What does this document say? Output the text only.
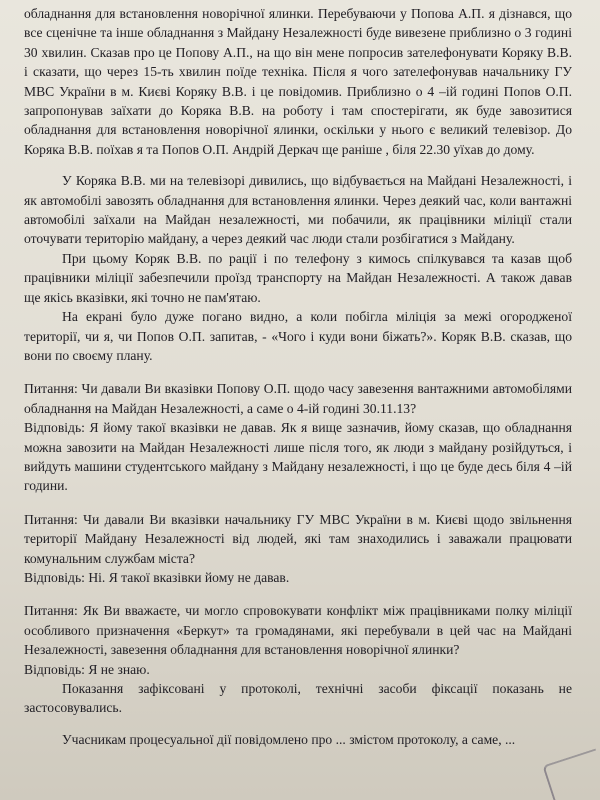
обладнання для встановлення новорічної ялинки. Перебуваючи у Попова А.П. я дізнався, що все сценічне та інше обладнання з Майдану Незалежності буде вивезене приблизно о 3 годині 30 хвилин. Сказав про це Попову А.П., на що він мене попросив зателефонувати Коряку В.В. і сказати, що через 15-ть хвилин поїде техніка. Після я чого зателефонував начальнику ГУ МВС України в м. Києві Коряку В.В. і це повідомив. Приблизно о 4 –ій годині Попов О.П. запропонував заїхати до Коряка В.В. на роботу і там спостерігати, як буде завозитися обладнання для встановлення новорічної ялинки, оскільки у нього є великий телевізор. До Коряка В.В. поїхав я та Попов О.П. Андрій Деркач ще раніше , біля 22.30 уїхав до дому.

У Коряка В.В. ми на телевізорі дивились, що відбувається на Майдані Незалежності, і як автомобілі завозять обладнання для встановлення ялинки. Через деякий час, коли вантажні автомобілі заїхали на Майдан незалежності, ми побачили, як працівники міліції стали оточувати територію майдану, а через деякий час люди стали розбігатися з Майдану.

При цьому Коряк В.В. по рації і по телефону з кимось спілкувався та казав щоб працівники міліції забезпечили проїзд транспорту на Майдан Незалежності. А також давав ще якісь вказівки, які точно не пам'ятаю.

На екрані було дуже погано видно, а коли побігла міліція за межі огородженої території, чи я, чи Попов О.П. запитав, - «Чого і куди вони біжать?». Коряк В.В. сказав, що вони по своєму плану.

Питання: Чи давали Ви вказівки Попову О.П. щодо часу завезення вантажними автомобілями обладнання на Майдан Незалежності, а саме о 4-ій годині 30.11.13?

Відповідь: Я йому такої вказівки не давав. Як я вище зазначив, йому сказав, що обладнання можна завозити на Майдан Незалежності лише після того, як люди з майдану розійдуться, і вийдуть машини студентського майдану з Майдану незалежності, і що це буде десь біля 4 –ій години.

Питання: Чи давали Ви вказівки начальнику ГУ МВС України в м. Києві щодо звільнення території Майдану Незалежності від людей, які там знаходились і заважали працювати комунальним службам міста?

Відповідь: Ні. Я такої вказівки йому не давав.

Питання: Як Ви вважаєте, чи могло спровокувати конфлікт між працівниками полку міліції особливого призначення «Беркут» та громадянами, які перебували в цей час на Майдані Незалежності, завезення обладнання для встановлення новорічної ялинки?

Відповідь: Я не знаю.

Показання зафіксовані у протоколі, технічні засоби фіксації показань не застосовувались.

Учасникам процесуальної дії повідомлено про ... змістом протоколу, а саме, ...
